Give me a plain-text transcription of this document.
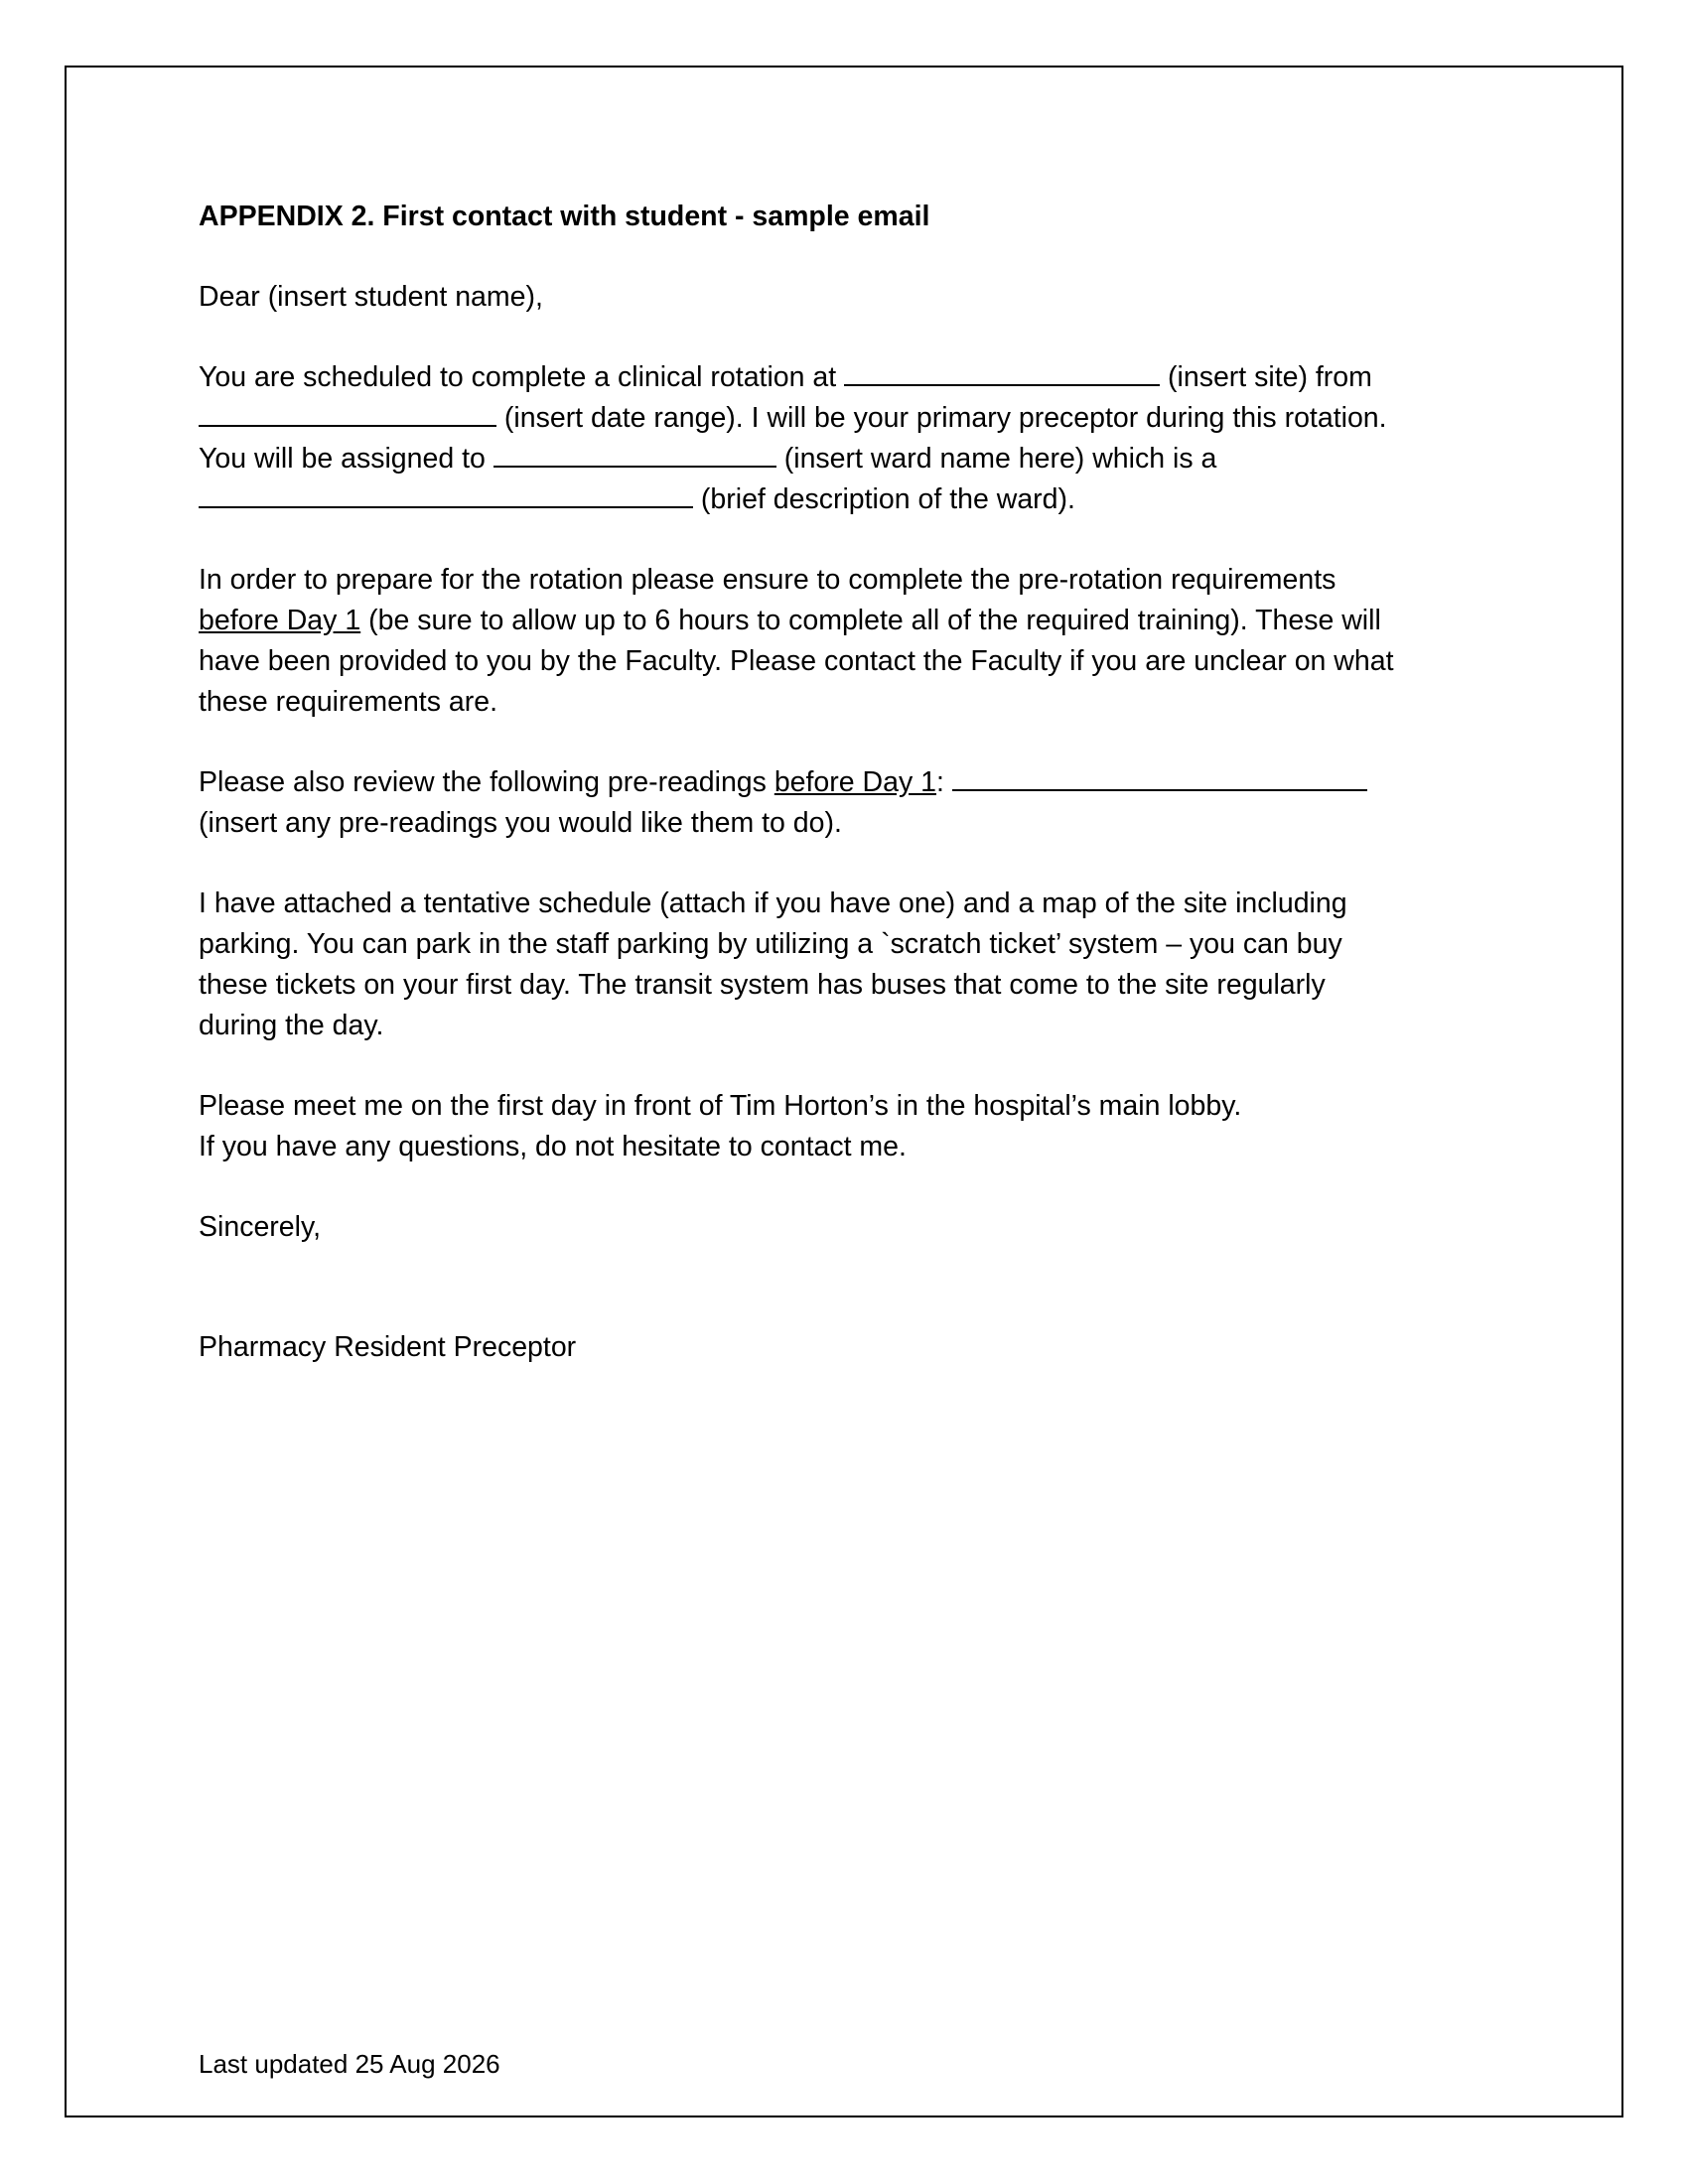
APPENDIX 2. First contact with student - sample email
Dear (insert student name),
You are scheduled to complete a clinical rotation at	(insert site) from
(insert date range). I will be your primary preceptor during this rotation.
You will be assigned to	(insert ward name here) which is a
(brief description of the ward).
In order to prepare for the rotation please ensure to complete the pre-rotation requirements
before Day 1 (be sure to allow up to 6 hours to complete all of the required training). These will
have been provided to you by the Faculty. Please contact the Faculty if you are unclear on what
these requirements are.
Please also review the following pre-readings before Day 1:
(insert any pre-readings you would like them to do).
I have attached a tentative schedule (attach if you have one) and a map of the site including
parking. You can park in the staff parking by utilizing a `scratch ticket’ system – you can buy
these tickets on your first day. The transit system has buses that come to the site regularly
during the day.
Please meet me on the first day in front of Tim Horton’s in the hospital’s main lobby.
If you have any questions, do not hesitate to contact me.
Sincerely,
Pharmacy Resident Preceptor
Last updated 25 Aug 2026
